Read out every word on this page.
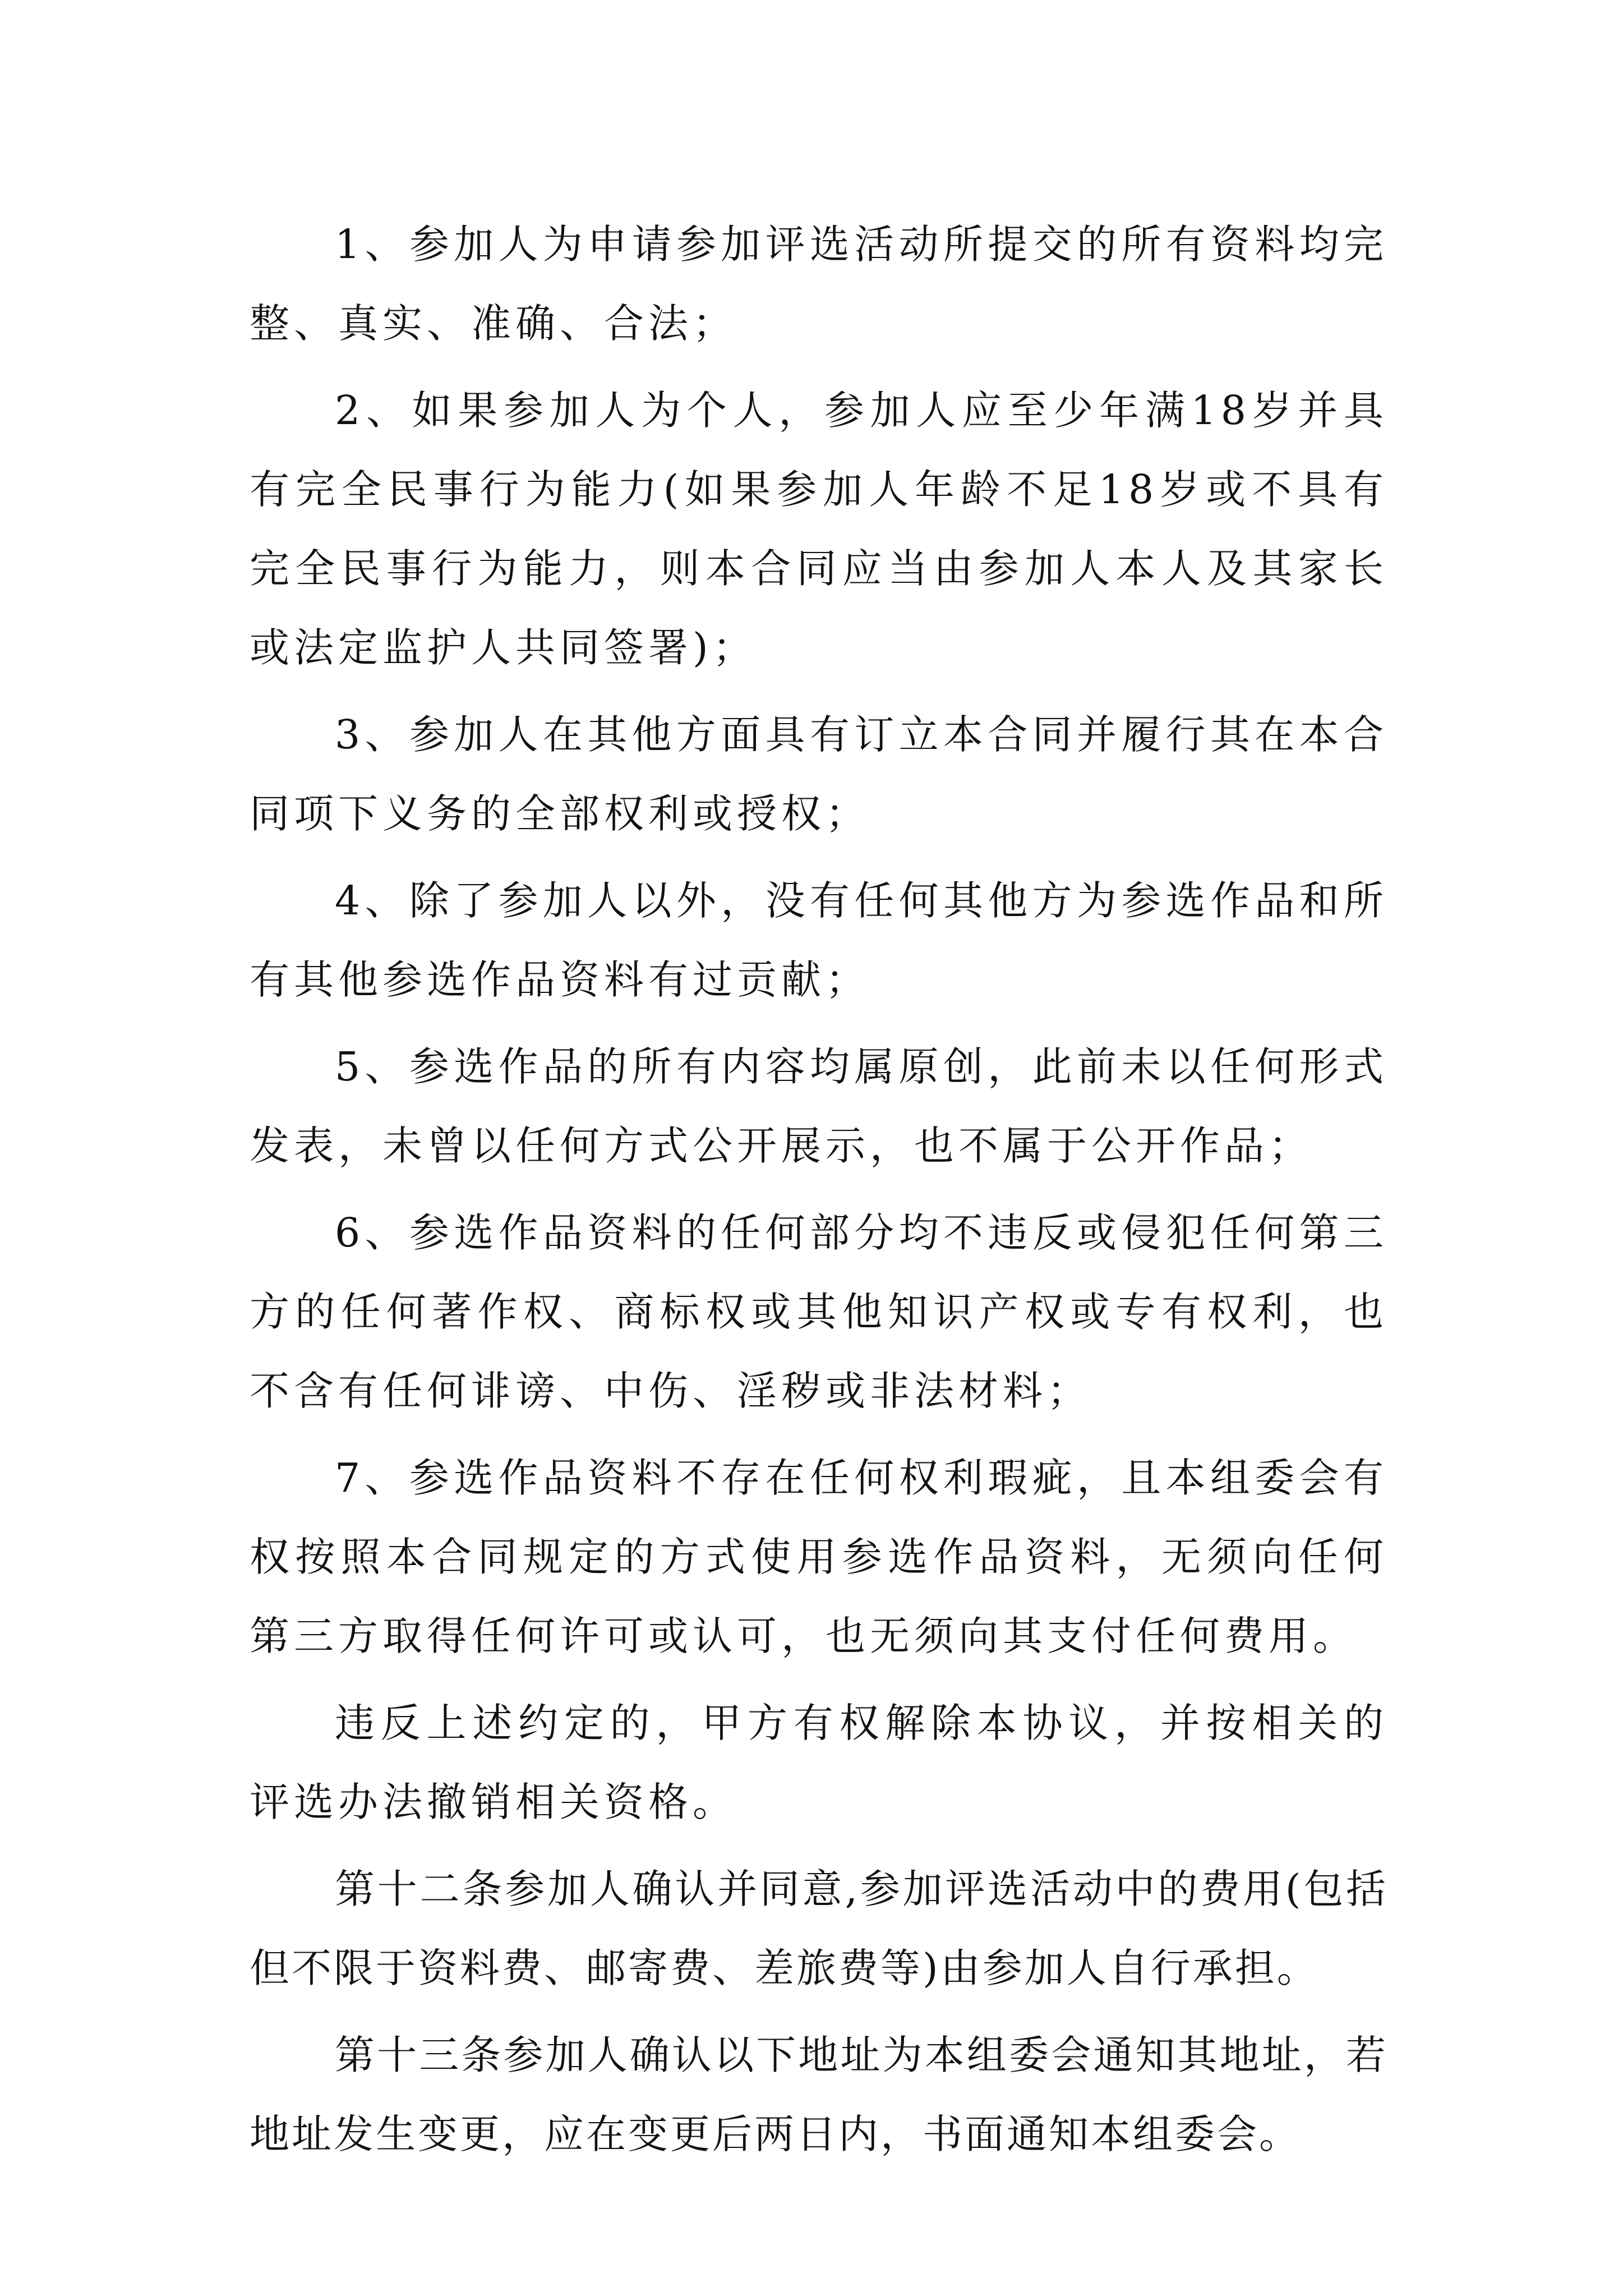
1、参加人为申请参加评选活动所提交的所有资料均完整、真实、准确、合法；

2、如果参加人为个人，参加人应至少年满18岁并具有完全民事行为能力(如果参加人年龄不足18岁或不具有完全民事行为能力，则本合同应当由参加人本人及其家长或法定监护人共同签署)；

3、参加人在其他方面具有订立本合同并履行其在本合同项下义务的全部权利或授权；

4、除了参加人以外，没有任何其他方为参选作品和所有其他参选作品资料有过贡献；

5、参选作品的所有内容均属原创，此前未以任何形式发表，未曾以任何方式公开展示，也不属于公开作品；

6、参选作品资料的任何部分均不违反或侵犯任何第三方的任何著作权、商标权或其他知识产权或专有权利，也不含有任何诽谤、中伤、淫秽或非法材料；

7、参选作品资料不存在任何权利瑕疵，且本组委会有权按照本合同规定的方式使用参选作品资料，无须向任何第三方取得任何许可或认可，也无须向其支付任何费用。

违反上述约定的，甲方有权解除本协议，并按相关的评选办法撤销相关资格。

第十二条参加人确认并同意,参加评选活动中的费用(包括但不限于资料费、邮寄费、差旅费等)由参加人自行承担。

第十三条参加人确认以下地址为本组委会通知其地址，若地址发生变更，应在变更后两日内，书面通知本组委会。
